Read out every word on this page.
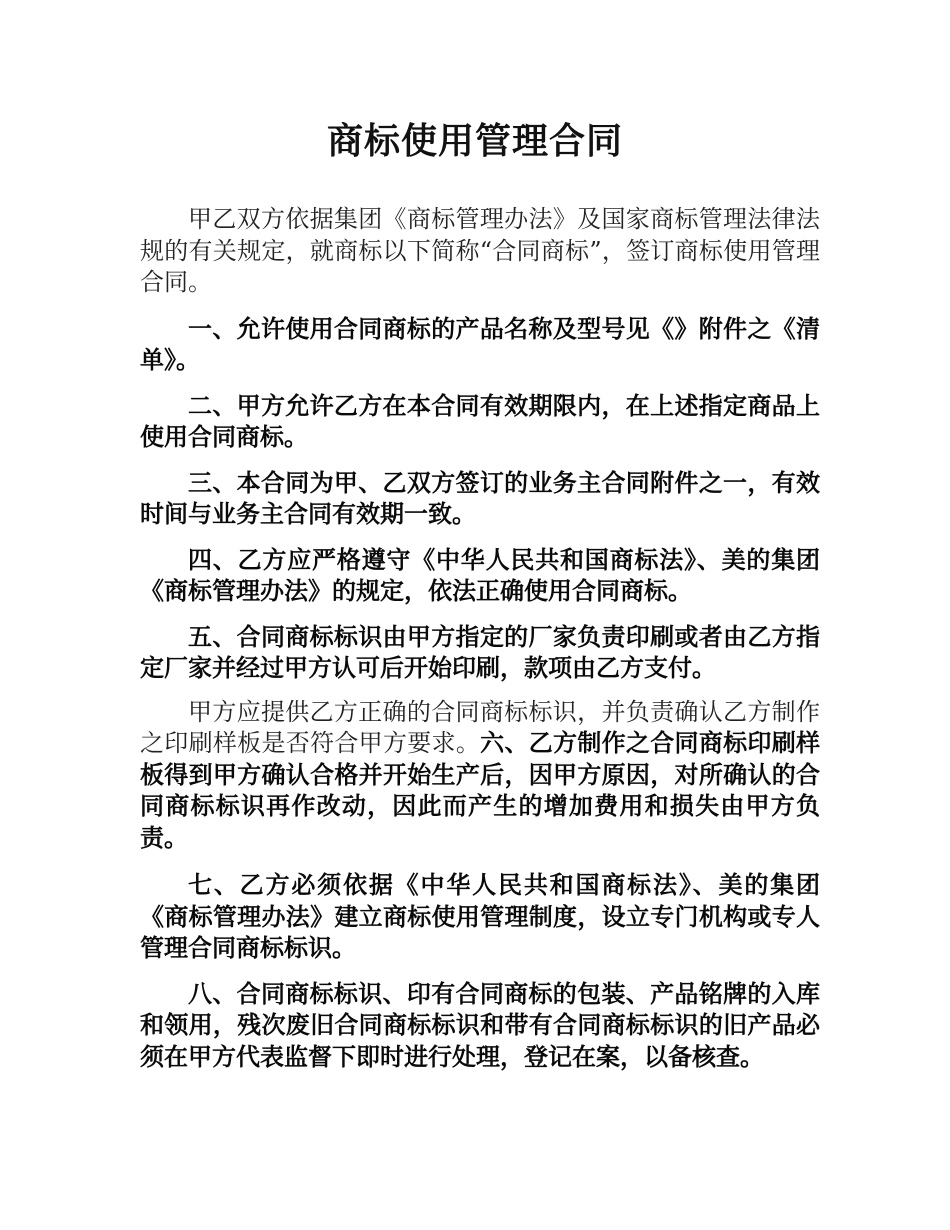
商标使用管理合同

甲乙双方依据集团《商标管理办法》及国家商标管理法律法规的有关规定，就商标以下简称“合同商标”，签订商标使用管理合同。

一、允许使用合同商标的产品名称及型号见《》附件之《清单》。

二、甲方允许乙方在本合同有效期限内，在上述指定商品上使用合同商标。

三、本合同为甲、乙双方签订的业务主合同附件之一，有效时间与业务主合同有效期一致。

四、乙方应严格遵守《中华人民共和国商标法》、美的集团《商标管理办法》的规定，依法正确使用合同商标。

五、合同商标标识由甲方指定的厂家负责印刷或者由乙方指定厂家并经过甲方认可后开始印刷，款项由乙方支付。

甲方应提供乙方正确的合同商标标识，并负责确认乙方制作之印刷样板是否符合甲方要求。六、乙方制作之合同商标印刷样板得到甲方确认合格并开始生产后，因甲方原因，对所确认的合同商标标识再作改动，因此而产生的增加费用和损失由甲方负责。

七、乙方必须依据《中华人民共和国商标法》、美的集团《商标管理办法》建立商标使用管理制度，设立专门机构或专人管理合同商标标识。

八、合同商标标识、印有合同商标的包装、产品铭牌的入库和领用，残次废旧合同商标标识和带有合同商标标识的旧产品必须在甲方代表监督下即时进行处理，登记在案，以备核查。
